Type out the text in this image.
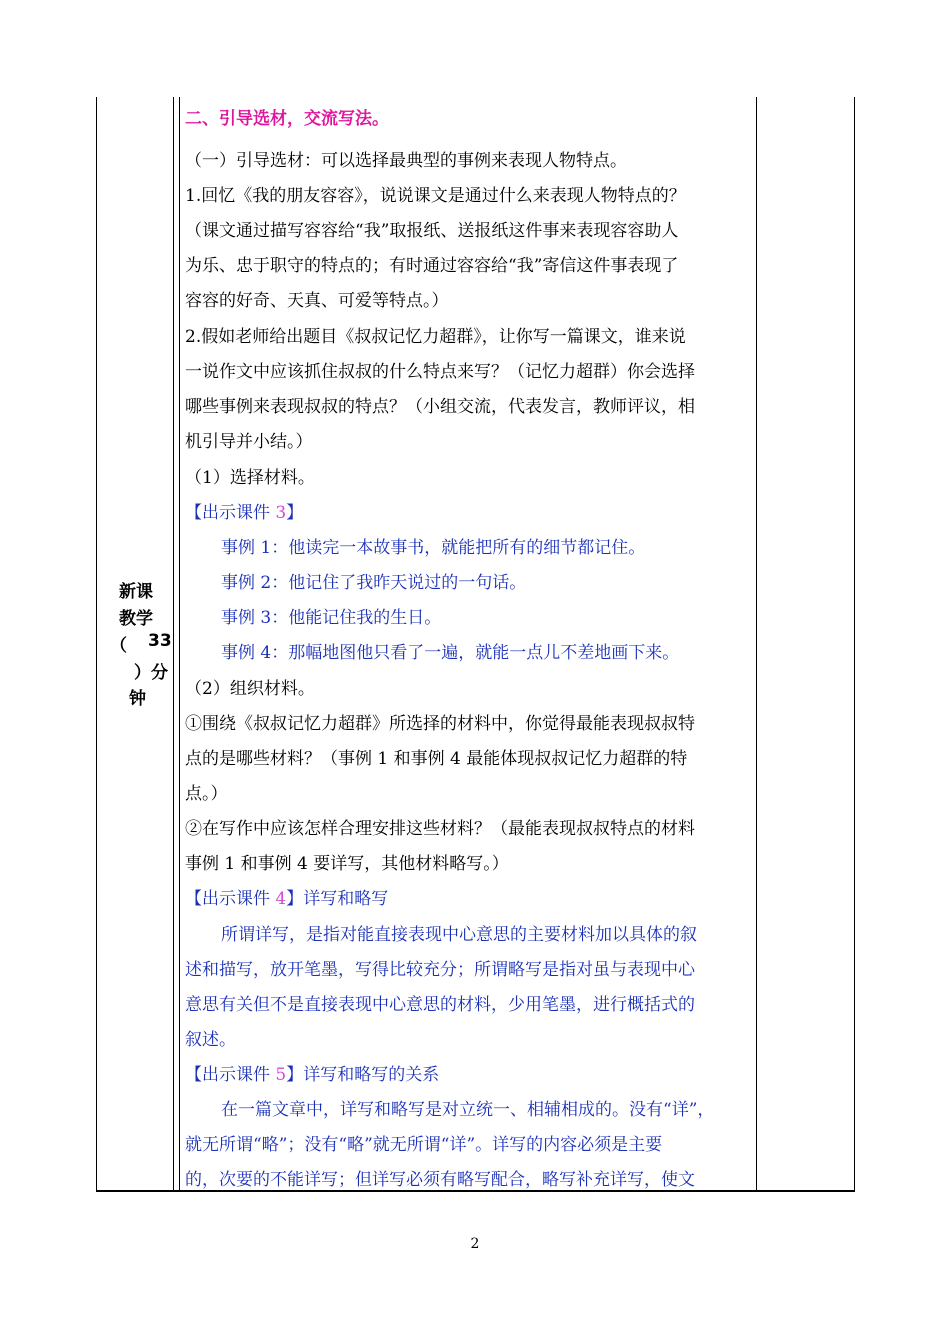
新课
教学
（ 33
）分
钟
二、引导选材，交流写法。
（一）引导选材：可以选择最典型的事例来表现人物特点。
1.回忆《我的朋友容容》，说说课文是通过什么来表现人物特点的？
（课文通过描写容容给“我”取报纸、送报纸这件事来表现容容助人
为乐、忠于职守的特点的；有时通过容容给“我”寄信这件事表现了
容容的好奇、天真、可爱等特点。）
2.假如老师给出题目《叔叔记忆力超群》，让你写一篇课文，谁来说
一说作文中应该抓住叔叔的什么特点来写？（记忆力超群）你会选择
哪些事例来表现叔叔的特点？（小组交流，代表发言，教师评议，相
机引导并小结。）
（1）选择材料。
【出示课件 3】
事例 1：他读完一本故事书，就能把所有的细节都记住。
事例 2：他记住了我昨天说过的一句话。
事例 3：他能记住我的生日。
事例 4：那幅地图他只看了一遍，就能一点儿不差地画下来。
（2）组织材料。
①围绕《叔叔记忆力超群》所选择的材料中，你觉得最能表现叔叔特
点的是哪些材料？（事例 1 和事例 4 最能体现叔叔记忆力超群的特
点。）
②在写作中应该怎样合理安排这些材料？（最能表现叔叔特点的材料
事例 1 和事例 4 要详写，其他材料略写。）
【出示课件 4】详写和略写
所谓详写，是指对能直接表现中心意思的主要材料加以具体的叙
述和描写，放开笔墨，写得比较充分；所谓略写是指对虽与表现中心
意思有关但不是直接表现中心意思的材料，少用笔墨，进行概括式的
叙述。
【出示课件 5】详写和略写的关系
在一篇文章中，详写和略写是对立统一、相辅相成的。没有“详”，
就无所谓“略”；没有“略”就无所谓“详”。详写的内容必须是主要
的，次要的不能详写；但详写必须有略写配合，略写补充详写，使文
2
